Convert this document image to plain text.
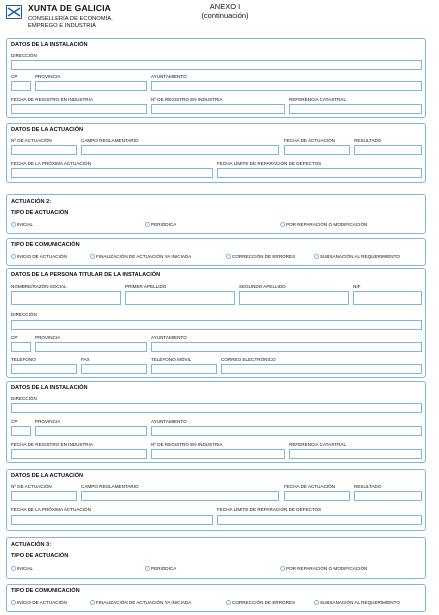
XUNTA DE GALICIA
CONSELLERÍA DE ECONOMÍA,
EMPREGO E INDUSTRIA
ANEXO I
(continuación)
DATOS DE LA INSTALACIÓN
DIRECCIÓN
CP	PROVINCIA	AYUNTAMIENTO
FECHA DE REGISTRO EN INDUSTRIA	Nº DE REGISTRO EN INDUSTRIA	REFERENCIA CATASTRAL
DATOS DE LA ACTUACIÓN
Nº DE ACTUACIÓN	CAMPO REGLAMENTARIO	FECHA DE ACTUACIÓN	RESULTADO
FECHA DE LA PRÓXIMA ACTUACIÓN	FECHA LÍMITE DE REPARACIÓN DE DEFECTOS
ACTUACIÓN 2:
TIPO DE ACTUACIÓN
INICIAL	PERIÓDICA	POR REPARACIÓN O MODIFICACIÓN
TIPO DE COMUNICACIÓN
INICIO DE ACTUACIÓN	FINALIZACIÓN DE ACTUACIÓN YA INICIADA	CORRECCIÓN DE ERRORES	SUBSANACIÓN AL REQUERIMIENTO
DATOS DE LA PERSONA TITULAR DE LA INSTALACIÓN
NOMBRE/RAZÓN SOCIAL	PRIMER APELLIDO	SEGUNDO APELLIDO	NIF
DIRECCIÓN
CP	PROVINCIA	AYUNTAMIENTO
TELÉFONO	FAX	TELÉFONO MÓVIL	CORREO ELECTRÓNICO
DATOS DE LA INSTALACIÓN
DIRECCIÓN
CP	PROVINCIA	AYUNTAMIENTO
FECHA DE REGISTRO EN INDUSTRIA	Nº DE REGISTRO EN INDUSTRIA	REFERENCIA CATASTRAL
DATOS DE LA ACTUACIÓN
Nº DE ACTUACIÓN	CAMPO REGLAMENTARIO	FECHA DE ACTUACIÓN	RESULTADO
FECHA DE LA PRÓXIMA ACTUACIÓN	FECHA LÍMITE DE REPARACIÓN DE DEFECTOS
ACTUACIÓN 3:
TIPO DE ACTUACIÓN
INICIAL	PERIÓDICA	POR REPARACIÓN O MODIFICACIÓN
TIPO DE COMUNICACIÓN
INICIO DE ACTUACIÓN	FINALIZACIÓN DE ACTUACIÓN YA INICIADA	CORRECCIÓN DE ERRORES	SUBSANACIÓN AL REQUERIMIENTO
